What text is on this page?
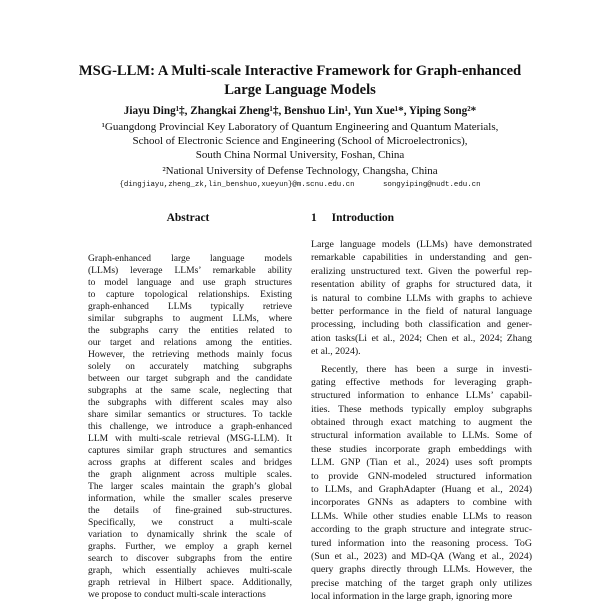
MSG-LLM: A Multi-scale Interactive Framework for Graph-enhanced
Large Language Models
Jiayu Ding¹‡, Zhangkai Zheng¹‡, Benshuo Lin¹, Yun Xue¹*, Yiping Song²*
¹Guangdong Provincial Key Laboratory of Quantum Engineering and Quantum Materials,
School of Electronic Science and Engineering (School of Microelectronics),
South China Normal University, Foshan, China
²National University of Defense Technology, Changsha, China
{dingjiayu,zheng_zk,lin_benshuo,xueyun}@m.scnu.edu.cn	songyiping@nudt.edu.cn
Abstract	1 Introduction
Graph-enhanced large language models
(LLMs) leverage LLMs’ remarkable ability
to model language and use graph structures
to capture topological relationships. Existing
graph-enhanced LLMs typically retrieve
similar subgraphs to augment LLMs, where
the subgraphs carry the entities related to
our target and relations among the entities.
However, the retrieving methods mainly focus
solely on accurately matching subgraphs
between our target subgraph and the candidate
subgraphs at the same scale, neglecting that
the subgraphs with different scales may also
share similar semantics or structures. To tackle
this challenge, we introduce a graph-enhanced
LLM with multi-scale retrieval (MSG-LLM). It
captures similar graph structures and semantics
across graphs at different scales and bridges
the graph alignment across multiple scales.
The larger scales maintain the graph’s global
information, while the smaller scales preserve
the details of fine-grained sub-structures.
Specifically, we construct a multi-scale
variation to dynamically shrink the scale of
graphs. Further, we employ a graph kernel
search to discover subgraphs from the entire
graph, which essentially achieves multi-scale
graph retrieval in Hilbert space. Additionally,
we propose to conduct multi-scale interactions
Large language models (LLMs) have demonstrated
remarkable capabilities in understanding and gen-
eralizing unstructured text. Given the powerful rep-
resentation ability of graphs for structured data, it
is natural to combine LLMs with graphs to achieve
better performance in the field of natural language
processing, including both classification and gener-
ation tasks(Li et al., 2024; Chen et al., 2024; Zhang
et al., 2024).
Recently, there has been a surge in investi-
gating effective methods for leveraging graph-
structured information to enhance LLMs’ capabil-
ities. These methods typically employ subgraphs
obtained through exact matching to augment the
structural information available to LLMs. Some of
these studies incorporate graph embeddings with
LLM. GNP (Tian et al., 2024) uses soft prompts
to provide GNN-modeled structured information
to LLMs, and GraphAdapter (Huang et al., 2024)
incorporates GNNs as adapters to combine with
LLMs. While other studies enable LLMs to reason
according to the graph structure and integrate struc-
tured information into the reasoning process. ToG
(Sun et al., 2023) and MD-QA (Wang et al., 2024)
query graphs directly through LLMs. However, the
precise matching of the target graph only utilizes
local information in the large graph, ignoring more
